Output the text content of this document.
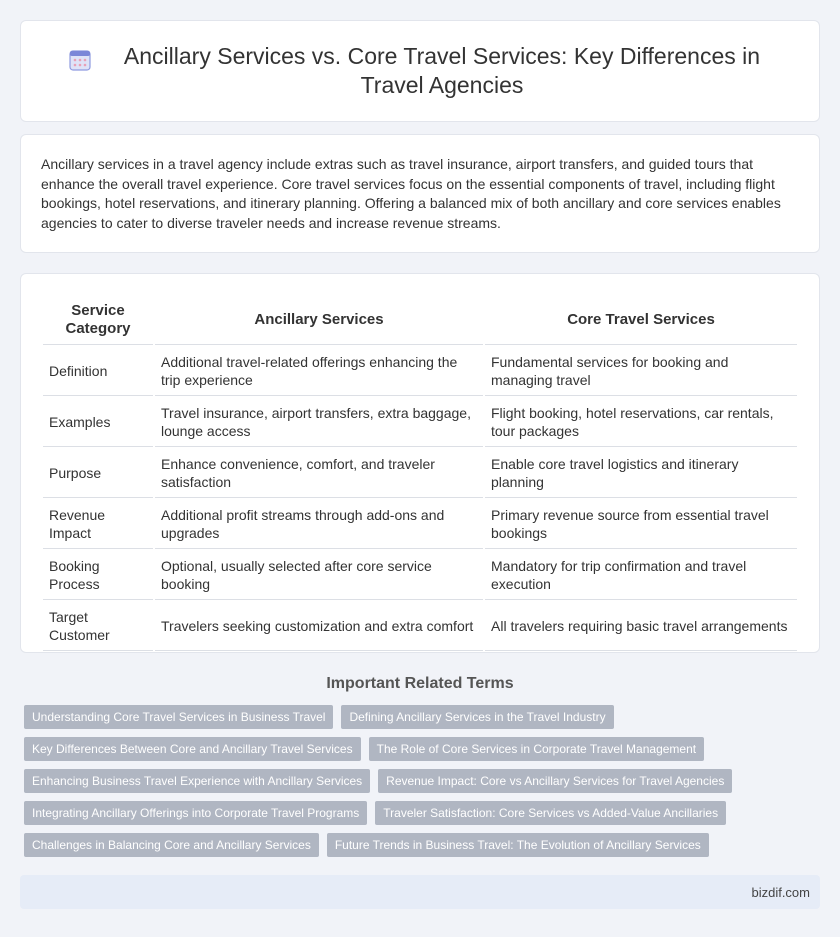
Ancillary Services vs. Core Travel Services: Key Differences in Travel Agencies

Ancillary services in a travel agency include extras such as travel insurance, airport transfers, and guided tours that enhance the overall travel experience. Core travel services focus on the essential components of travel, including flight bookings, hotel reservations, and itinerary planning. Offering a balanced mix of both ancillary and core services enables agencies to cater to diverse traveler needs and increase revenue streams.

Service Category	Ancillary Services	Core Travel Services
Definition	Additional travel-related offerings enhancing the trip experience	Fundamental services for booking and managing travel
Examples	Travel insurance, airport transfers, extra baggage, lounge access	Flight booking, hotel reservations, car rentals, tour packages
Purpose	Enhance convenience, comfort, and traveler satisfaction	Enable core travel logistics and itinerary planning
Revenue Impact	Additional profit streams through add-ons and upgrades	Primary revenue source from essential travel bookings
Booking Process	Optional, usually selected after core service booking	Mandatory for trip confirmation and travel execution
Target Customer	Travelers seeking customization and extra comfort	All travelers requiring basic travel arrangements
Important Related Terms
Understanding Core Travel Services in Business Travel	Defining Ancillary Services in the Travel Industry
Key Differences Between Core and Ancillary Travel Services	The Role of Core Services in Corporate Travel Management
Enhancing Business Travel Experience with Ancillary Services	Revenue Impact: Core vs Ancillary Services for Travel Agencies
Integrating Ancillary Offerings into Corporate Travel Programs	Traveler Satisfaction: Core Services vs Added-Value Ancillaries
Challenges in Balancing Core and Ancillary Services	Future Trends in Business Travel: The Evolution of Ancillary Services
bizdif.com
